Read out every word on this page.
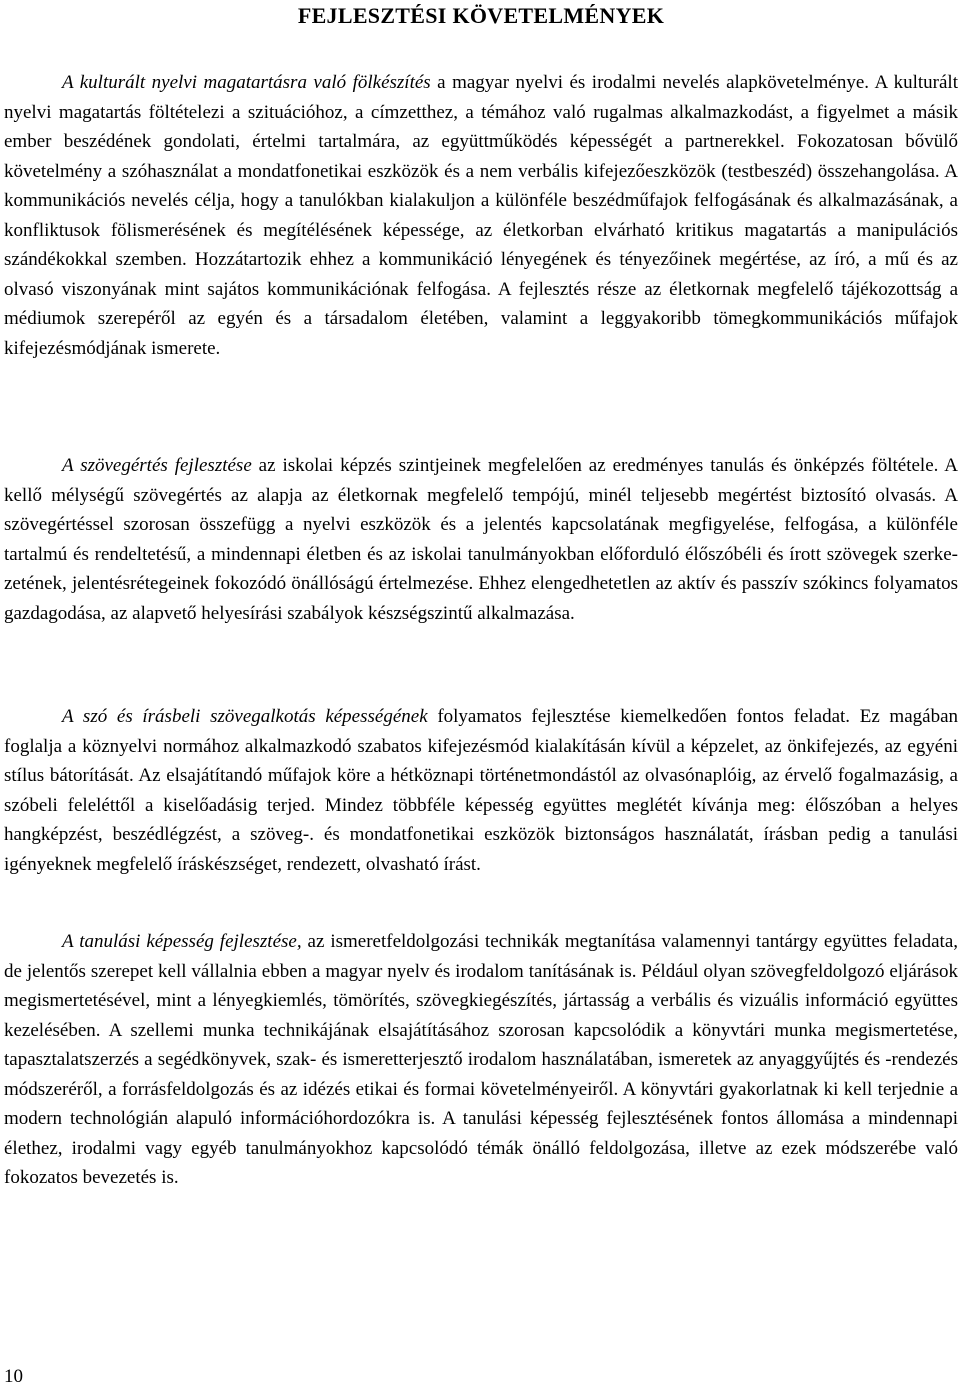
FEJLESZTÉSI KÖVETELMÉNYEK

A kulturált nyelvi magatartásra való fölkészítés a magyar nyelvi és irodalmi nevelés alapkövetelménye. A kulturált nyelvi magatartás föltételezi a szituációhoz, a címzetthez, a témához való rugalmas alkalmazkodást, a figyelmet a másik ember beszédének gondolati, értelmi tartalmára, az együttműködés képességét a partnerekkel. Fokozatosan bővülő követelmény a szóhasználat a mondatfonetikai eszközök és a nem verbális kifejezőeszközök (testbeszéd) összehangolása. A kommunikációs nevelés célja, hogy a tanulókban kialakuljon a különféle beszédműfajok felfogásának és alkalmazásának, a konfliktusok fölismerésének és megítélésének képessége, az életkorban elvárható kritikus magatartás a manipulációs szándékokkal szemben. Hozzátartozik ehhez a kommunikáció lényegének és tényezőinek megértése, az író, a mű és az olvasó viszonyának mint sajátos kommunikációnak felfogása. A fejlesztés része az életkornak megfelelő tájékozottság a médiumok szerepéről az egyén és a társadalom életében, valamint a leggyakoribb tömegkommunikációs műfajok kifejezésmódjának ismerete.

A szövegértés fejlesztése az iskolai képzés szintjeinek megfelelően az eredményes tanulás és önképzés föltétele. A kellő mélységű szövegértés az alapja az életkornak megfelelő tempójú, minél teljesebb megértést biztosító olvasás. A szövegértéssel szorosan összefügg a nyelvi eszközök és a jelentés kapcsolatának megfigyelése, felfogása, a különféle tartalmú és rendeltetésű, a mindennapi életben és az iskolai tanulmányokban előforduló élőszóbéli és írott szövegek szerkezetének, jelentésrétegeinek fokozódó önállóságú értelmezése. Ehhez elengedhetetlen az aktív és passzív szókincs folyamatos gazdagodása, az alapvető helyesírási szabályok készségszintű alkalmazása.

A szó és írásbeli szövegalkotás képességének folyamatos fejlesztése kiemelkedően fontos feladat. Ez magában foglalja a köznyelvi normához alkalmazkodó szabatos kifejezésmód kialakításán kívül a képzelet, az önkifejezés, az egyéni stílus bátorítását. Az elsajátítandó műfajok köre a hétköznapi történetmondástól az olvasónaplóig, az érvelő fogalmazásig, a szóbeli feleléttől a kiselőadásig terjed. Mindez többféle képesség együttes meglétét kívánja meg: élőszóban a helyes hangképzést, beszédlégzést, a szöveg-. és mondatfonetikai eszközök biztonságos használatát, írásban pedig a tanulási igényeknek megfelelő íráskészséget, rendezett, olvasható írást.

A tanulási képesség fejlesztése, az ismeretfeldolgozási technikák megtanítása valamennyi tantárgy együttes feladata, de jelentős szerepet kell vállalnia ebben a magyar nyelv és irodalom tanításának is. Például olyan szövegfeldolgozó eljárások megismertetésével, mint a lényegkiemlés, tömörítés, szövegkiegészítés, jártasság a verbális és vizuális információ együttes kezelésében. A szellemi munka technikájának elsajátításához szorosan kapcsolódik a könyvtári munka megismertetése, tapasztalatszerzés a segédkönyvek, szak- és ismeretterjesztő irodalom használatában, ismeretek az anyaggyűjtés és -rendezés módszeréről, a forrásfeldolgozás és az idézés etikai és formai követelményeiről. A könyvtári gyakorlatnak ki kell terjednie a modern technológián alapuló információhordozókra is. A tanulási képesség fejlesztésének fontos állomása a mindennapi élethez, irodalmi vagy egyéb tanulmányokhoz kapcsolódó témák önálló feldolgozása, illetve az ezek módszerébe való fokozatos bevezetés is.

10
